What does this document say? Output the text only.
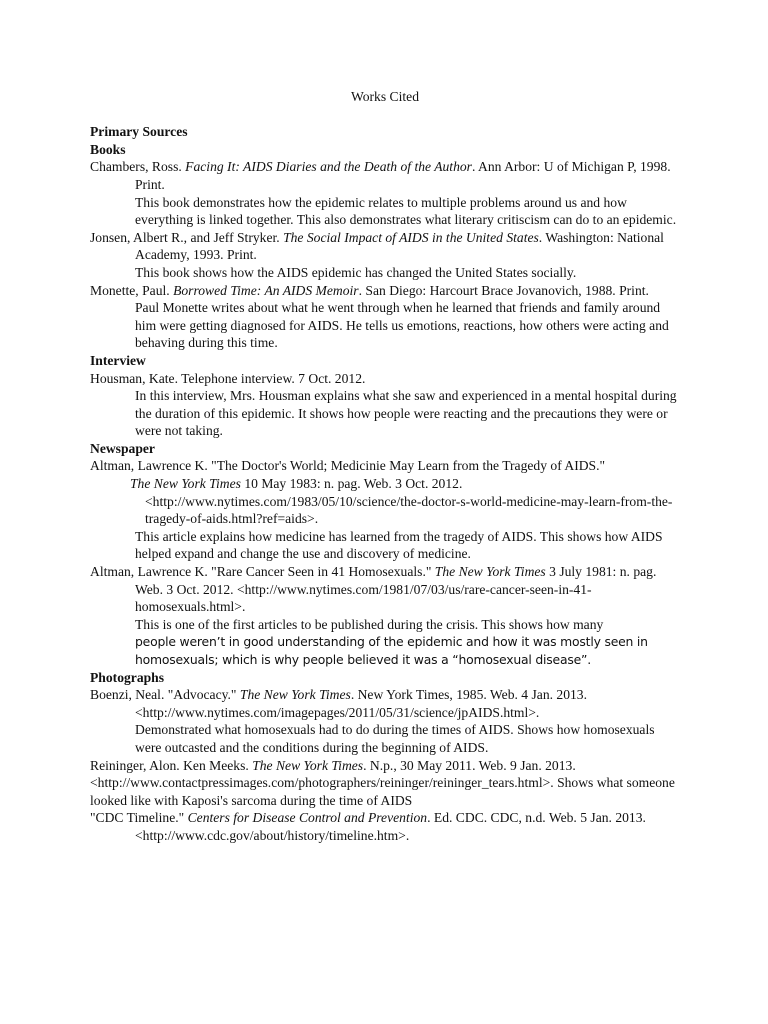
Works Cited
Primary Sources
Books
Chambers, Ross. Facing It: AIDS Diaries and the Death of the Author. Ann Arbor: U of Michigan P, 1998. Print.
This book demonstrates how the epidemic relates to multiple problems around us and how everything is linked together. This also demonstrates what literary critiscism can do to an epidemic.
Jonsen, Albert R., and Jeff Stryker. The Social Impact of AIDS in the United States. Washington: National Academy, 1993. Print.
This book shows how the AIDS epidemic has changed the United States socially.
Monette, Paul. Borrowed Time: An AIDS Memoir. San Diego: Harcourt Brace Jovanovich, 1988. Print.
Paul Monette writes about what he went through when he learned that friends and family around him were getting diagnosed for AIDS. He tells us emotions, reactions, how others were acting and behaving during this time.
Interview
Housman, Kate. Telephone interview. 7 Oct. 2012.
In this interview, Mrs. Housman explains what she saw and experienced in a mental hospital during the duration of this epidemic. It shows how people were reacting and the precautions they were or were not taking.
Newspaper
Altman, Lawrence K. "The Doctor's World; Medicinie May Learn from the Tragedy of AIDS."
The New York Times 10 May 1983: n. pag. Web. 3 Oct. 2012. <http://www.nytimes.com/1983/05/10/science/the-doctor-s-world-medicine-may-learn-from-the-tragedy-of-aids.html?ref=aids>.
This article explains how medicine has learned from the tragedy of AIDS. This shows how AIDS helped expand and change the use and discovery of medicine.
Altman, Lawrence K. "Rare Cancer Seen in 41 Homosexuals." The New York Times 3 July 1981: n. pag. Web. 3 Oct. 2012. <http://www.nytimes.com/1981/07/03/us/rare-cancer-seen-in-41-homosexuals.html>.
This is one of the first articles to be published during the crisis. This shows how many
people weren’t in good understanding of the epidemic and how it was mostly seen in homosexuals; which is why people believed it was a “homosexual disease”.
Photographs
Boenzi, Neal. "Advocacy." The New York Times. New York Times, 1985. Web. 4 Jan. 2013. <http://www.nytimes.com/imagepages/2011/05/31/science/jpAIDS.html>.
Demonstrated what homosexuals had to do during the times of AIDS. Shows how homosexuals were outcasted and the conditions during the beginning of AIDS.
Reininger, Alon. Ken Meeks. The New York Times. N.p., 30 May 2011. Web. 9 Jan. 2013. <http://www.contactpressimages.com/photographers/reininger/reininger_tears.html>. Shows what someone looked like with Kaposi's sarcoma during the time of AIDS
"CDC Timeline." Centers for Disease Control and Prevention. Ed. CDC. CDC, n.d. Web. 5 Jan. 2013. <http://www.cdc.gov/about/history/timeline.htm>.
